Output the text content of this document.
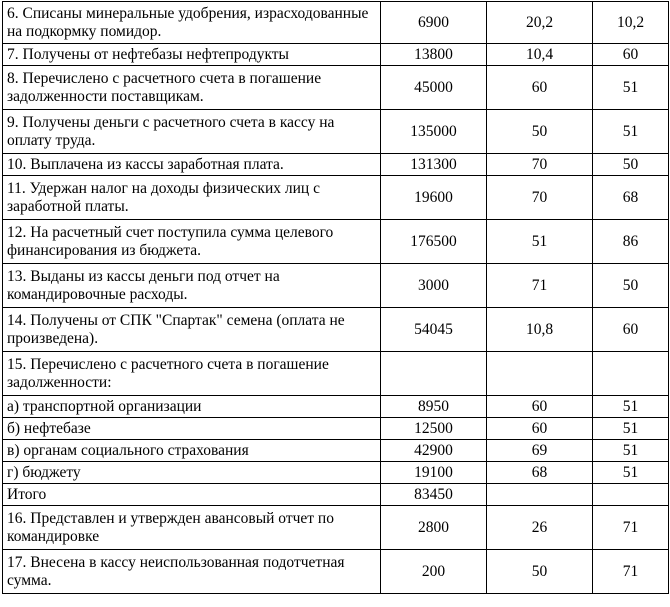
6. Списаны минеральные удобрения, израсходованные на подкормку помидор.	6900	20,2	10,2
7. Получены от нефтебазы нефтепродукты	13800	10,4	60
8. Перечислено с расчетного счета в погашение задолженности поставщикам.	45000	60	51
9. Получены деньги с расчетного счета в кассу на оплату труда.	135000	50	51
10. Выплачена из кассы заработная плата.	131300	70	50
11. Удержан налог на доходы физических лиц с заработной платы.	19600	70	68
12. На расчетный счет поступила сумма целевого финансирования из бюджета.	176500	51	86
13. Выданы из кассы деньги под отчет на командировочные расходы.	3000	71	50
14. Получены от СПК "Спартак" семена (оплата не произведена).	54045	10,8	60
15. Перечислено с расчетного счета в погашение задолженности:			
а) транспортной организации	8950	60	51
б) нефтебазе	12500	60	51
в) органам социального страхования	42900	69	51
г) бюджету	19100	68	51
Итого	83450		
16. Представлен и утвержден авансовый отчет по командировке	2800	26	71
17. Внесена в кассу неиспользованная подотчетная сумма.	200	50	71
